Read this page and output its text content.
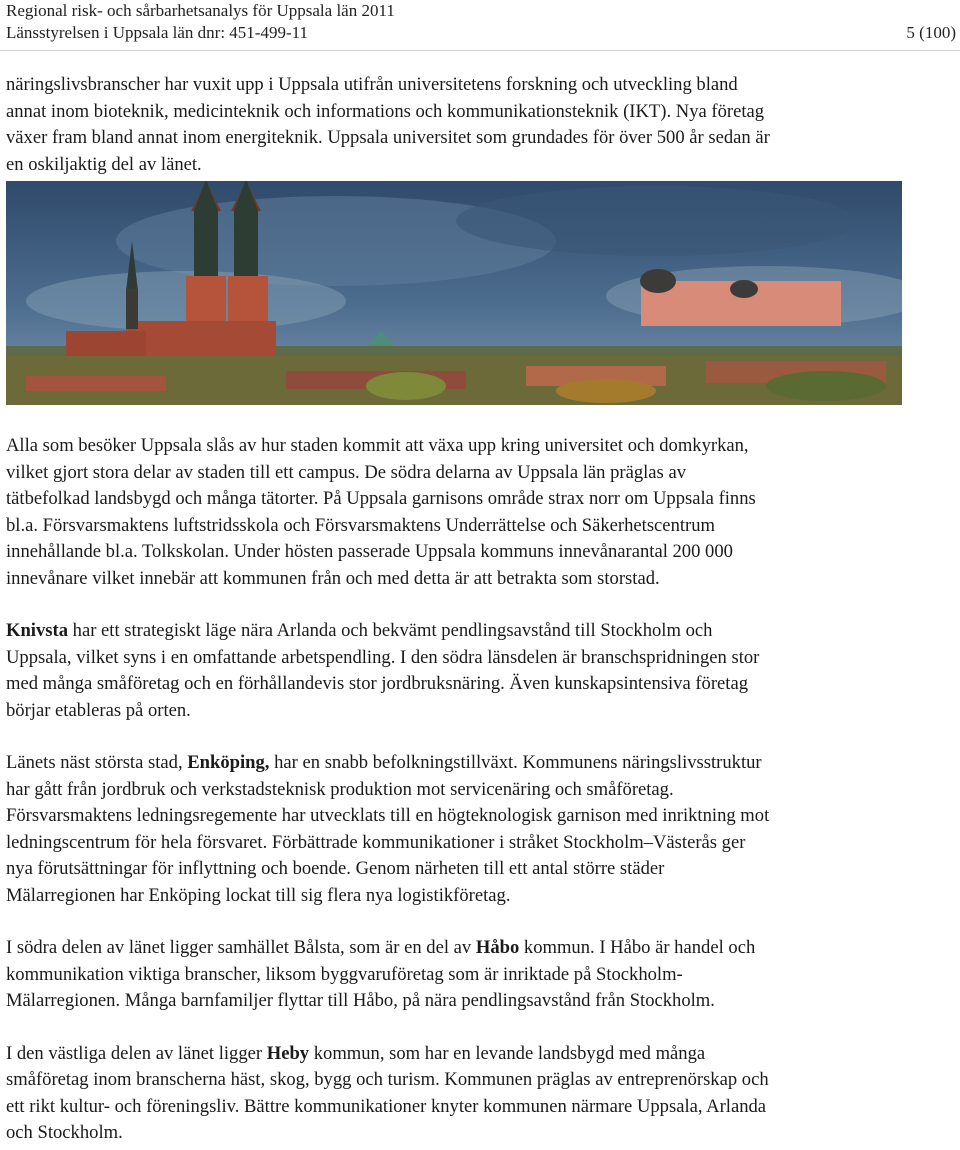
Regional risk- och sårbarhetsanalys för Uppsala län 2011
Länsstyrelsen i Uppsala län dnr: 451-499-11	5 (100)
näringslivsbranscher har vuxit upp i Uppsala utifrån universitetens forskning och utveckling bland
annat inom bioteknik, medicinteknik och informations och kommunikationsteknik (IKT). Nya företag
växer fram bland annat inom energiteknik. Uppsala universitet som grundades för över 500 år sedan är
en oskiljaktig del av länet.
Alla som besöker Uppsala slås av hur staden kommit att växa upp kring universitet och domkyrkan,
vilket gjort stora delar av staden till ett campus. De södra delarna av Uppsala län präglas av
tätbefolkad landsbygd och många tätorter. På Uppsala garnisons område strax norr om Uppsala finns
bl.a. Försvarsmaktens luftstridsskola och Försvarsmaktens Underrättelse och Säkerhetscentrum
innehållande bl.a. Tolkskolan. Under hösten passerade Uppsala kommuns innevånarantal 200 000
innevånare vilket innebär att kommunen från och med detta är att betrakta som storstad.
Knivsta har ett strategiskt läge nära Arlanda och bekvämt pendlingsavstånd till Stockholm och
Uppsala, vilket syns i en omfattande arbetspendling. I den södra länsdelen är branschspridningen stor
med många småföretag och en förhållandevis stor jordbruksnäring. Även kunskapsintensiva företag
börjar etableras på orten.
Länets näst största stad, Enköping, har en snabb befolkningstillväxt. Kommunens näringslivsstruktur
har gått från jordbruk och verkstadsteknisk produktion mot servicenäring och småföretag.
Försvarsmaktens ledningsregemente har utvecklats till en högteknologisk garnison med inriktning mot
ledningscentrum för hela försvaret. Förbättrade kommunikationer i stråket Stockholm–Västerås ger
nya förutsättningar för inflyttning och boende. Genom närheten till ett antal större städer
Mälarregionen har Enköping lockat till sig flera nya logistikföretag.
I södra delen av länet ligger samhället Bålsta, som är en del av Håbo kommun. I Håbo är handel och
kommunikation viktiga branscher, liksom byggvaruföretag som är inriktade på Stockholm-
Mälarregionen. Många barnfamiljer flyttar till Håbo, på nära pendlingsavstånd från Stockholm.
I den västliga delen av länet ligger Heby kommun, som har en levande landsbygd med många
småföretag inom branscherna häst, skog, bygg och turism. Kommunen präglas av entreprenörskap och
ett rikt kultur- och föreningsliv. Bättre kommunikationer knyter kommunen närmare Uppsala, Arlanda
och Stockholm.
